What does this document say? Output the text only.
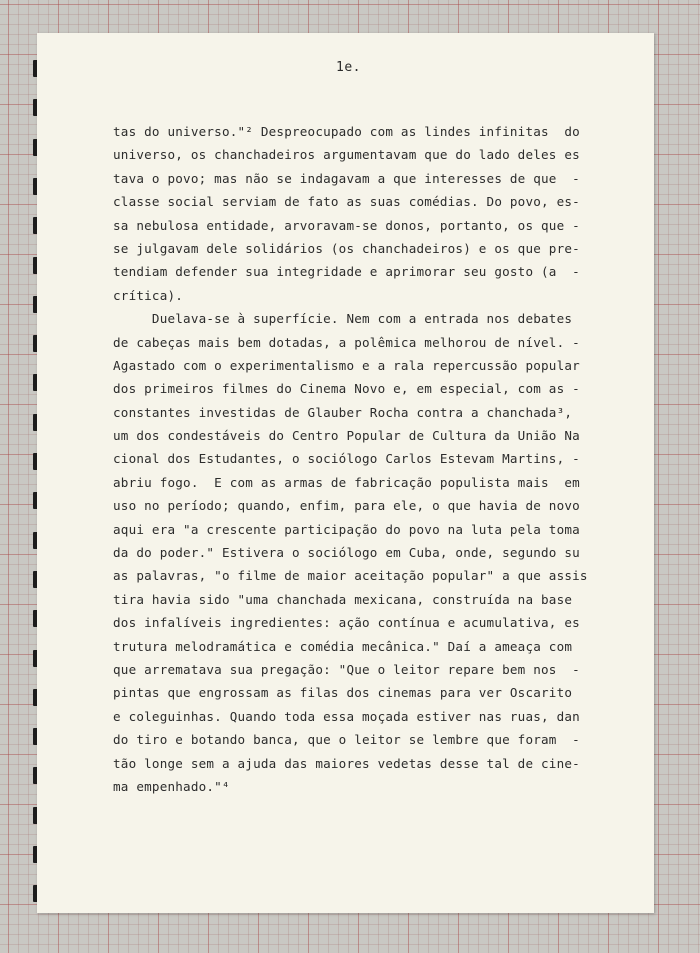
1e.
tas do universo."² Despreocupado com as lindes infinitas  do
universo, os chanchadeiros argumentavam que do lado deles es
tava o povo; mas não se indagavam a que interesses de que  -
classe social serviam de fato as suas comédias. Do povo, es-
sa nebulosa entidade, arvoravam-se donos, portanto, os que -
se julgavam dele solidários (os chanchadeiros) e os que pre-
tendiam defender sua integridade e aprimorar seu gosto (a  -
crítica).
Duelava-se à superfície. Nem com a entrada nos debates
de cabeças mais bem dotadas, a polêmica melhorou de nível. -
Agastado com o experimentalismo e a rala repercussão popular
dos primeiros filmes do Cinema Novo e, em especial, com as -
constantes investidas de Glauber Rocha contra a chanchada³,
um dos condestáveis do Centro Popular de Cultura da União Na
cional dos Estudantes, o sociólogo Carlos Estevam Martins, -
abriu fogo.  E com as armas de fabricação populista mais  em
uso no período; quando, enfim, para ele, o que havia de novo
aqui era "a crescente participação do povo na luta pela toma
da do poder." Estivera o sociólogo em Cuba, onde, segundo su
as palavras, "o filme de maior aceitação popular" a que assis
tira havia sido "uma chanchada mexicana, construída na base
dos infalíveis ingredientes: ação contínua e acumulativa, es
trutura melodramática e comédia mecânica." Daí a ameaça com
que arrematava sua pregação: "Que o leitor repare bem nos  -
pintas que engrossam as filas dos cinemas para ver Oscarito
e coleguinhas. Quando toda essa moçada estiver nas ruas, dan
do tiro e botando banca, que o leitor se lembre que foram  -
tão longe sem a ajuda das maiores vedetas desse tal de cine-
ma empenhado."⁴
